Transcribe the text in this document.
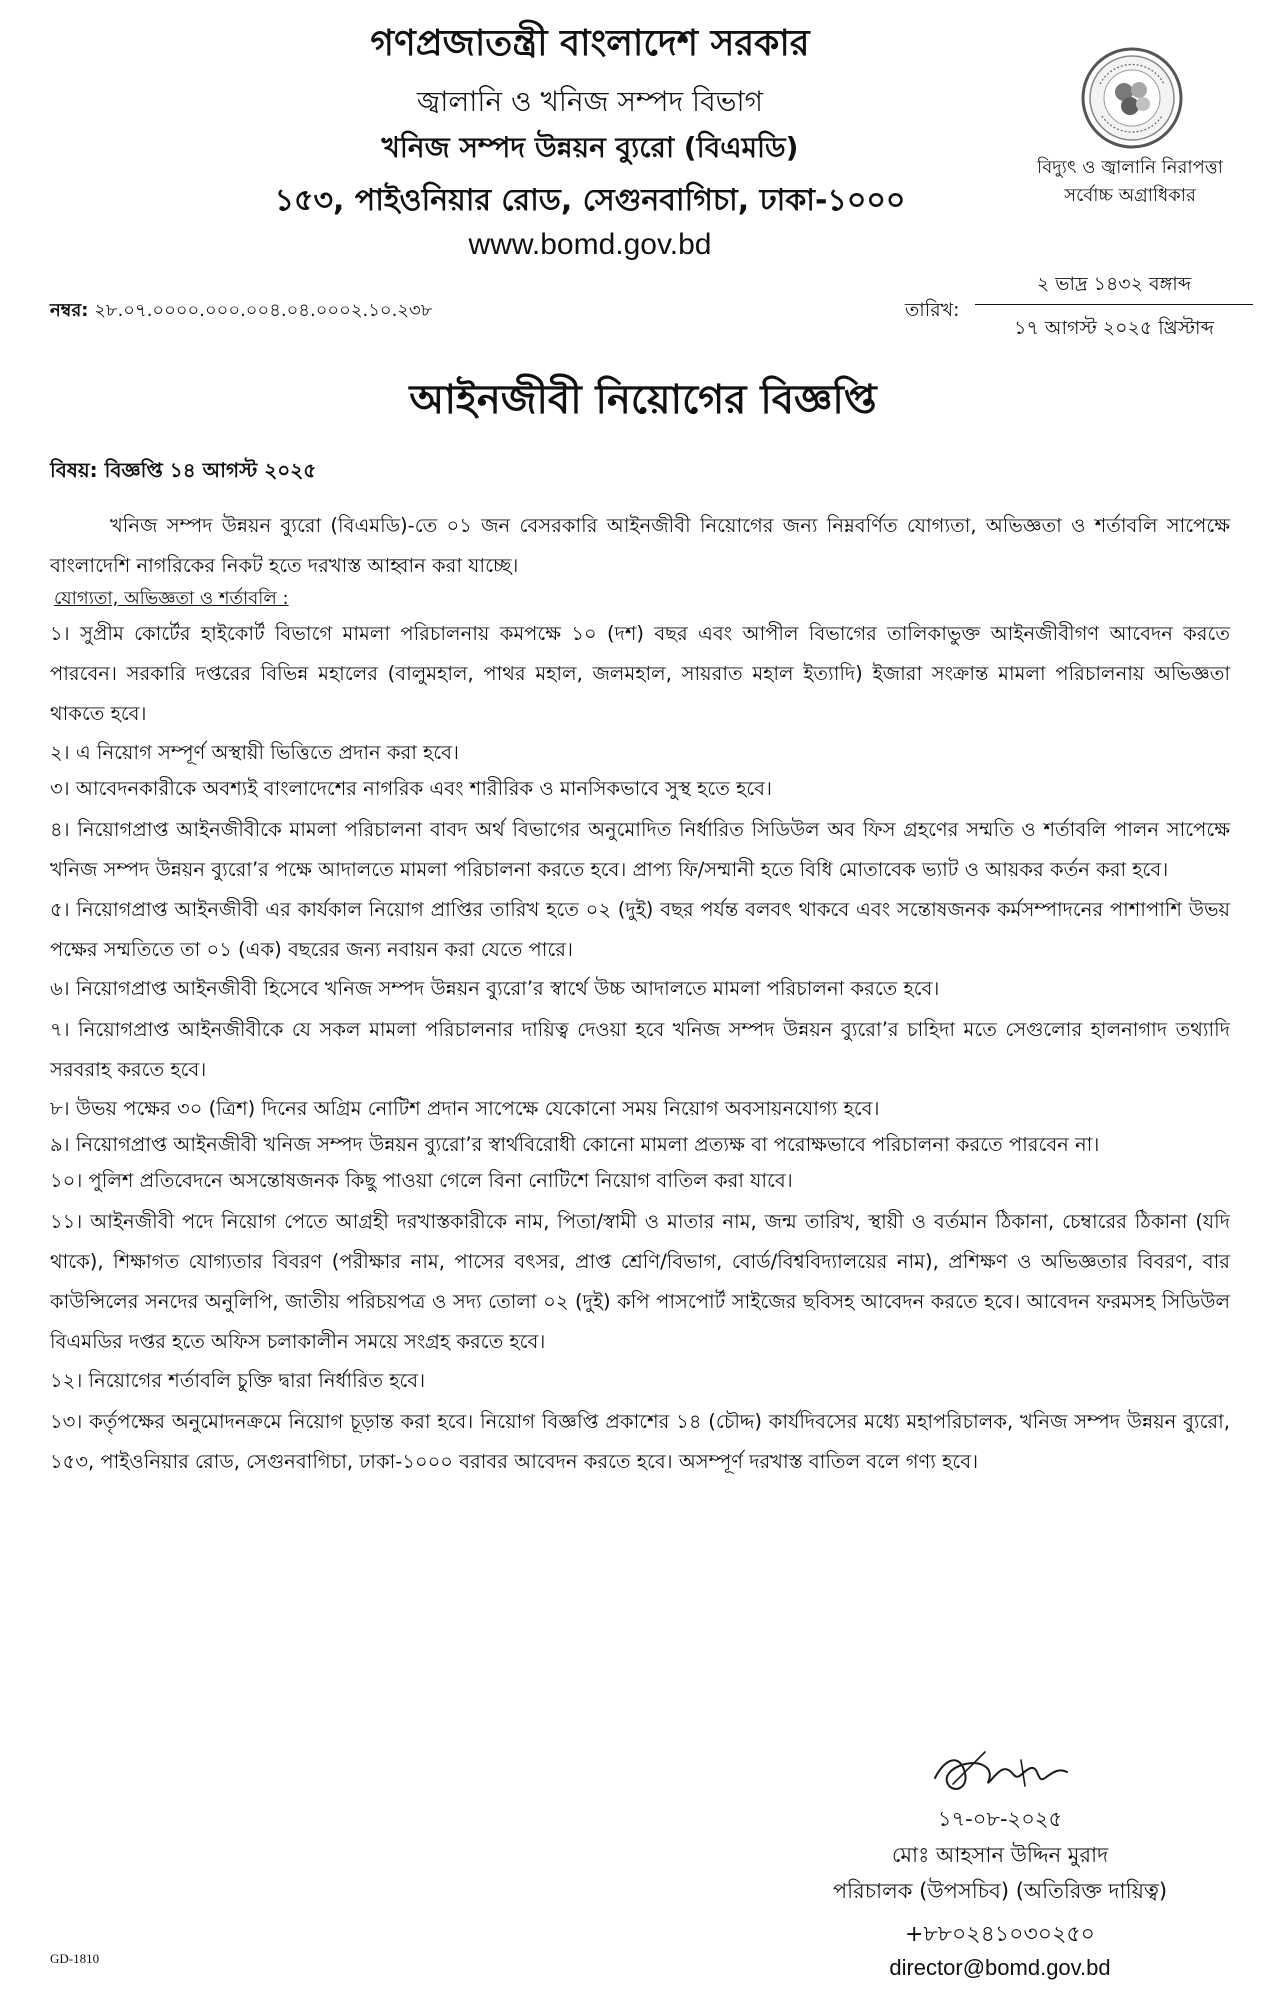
গণপ্রজাতন্ত্রী বাংলাদেশ সরকার
জ্বালানি ও খনিজ সম্পদ বিভাগ
খনিজ সম্পদ উন্নয়ন ব্যুরো (বিএমডি)
১৫৩, পাইওনিয়ার রোড, সেগুনবাগিচা, ঢাকা-১০০০
www.bomd.gov.bd
বিদ্যুৎ ও জ্বালানি নিরাপত্তা
সর্বোচ্চ অগ্রাধিকার
নম্বর: ২৮.০৭.০০০০.০০০.০০৪.০৪.০০০২.১০.২৩৮	তারিখ:
২ ভাদ্র ১৪৩২ বঙ্গাব্দ
১৭ আগস্ট ২০২৫ খ্রিস্টাব্দ
আইনজীবী নিয়োগের বিজ্ঞপ্তি
বিষয়: বিজ্ঞপ্তি ১৪ আগস্ট ২০২৫

খনিজ সম্পদ উন্নয়ন ব্যুরো (বিএমডি)-তে ০১ জন বেসরকারি আইনজীবী নিয়োগের জন্য নিম্নবর্ণিত যোগ্যতা, অভিজ্ঞতা ও শর্তাবলি সাপেক্ষে বাংলাদেশি নাগরিকের নিকট হতে দরখাস্ত আহ্বান করা যাচ্ছে।

যোগ্যতা, অভিজ্ঞতা ও শর্তাবলি :

১। সুপ্রীম কোর্টের হাইকোর্ট বিভাগে মামলা পরিচালনায় কমপক্ষে ১০ (দশ) বছর এবং আপীল বিভাগের তালিকাভুক্ত আইনজীবীগণ আবেদন করতে পারবেন। সরকারি দপ্তরের বিভিন্ন মহালের (বালুমহাল, পাথর মহাল, জলমহাল, সায়রাত মহাল ইত্যাদি) ইজারা সংক্রান্ত মামলা পরিচালনায় অভিজ্ঞতা থাকতে হবে।

২। এ নিয়োগ সম্পূর্ণ অস্থায়ী ভিত্তিতে প্রদান করা হবে।

৩। আবেদনকারীকে অবশ্যই বাংলাদেশের নাগরিক এবং শারীরিক ও মানসিকভাবে সুস্থ হতে হবে।

৪। নিয়োগপ্রাপ্ত আইনজীবীকে মামলা পরিচালনা বাবদ অর্থ বিভাগের অনুমোদিত নির্ধারিত সিডিউল অব ফিস গ্রহণের সম্মতি ও শর্তাবলি পালন সাপেক্ষে খনিজ সম্পদ উন্নয়ন ব্যুরো’র পক্ষে আদালতে মামলা পরিচালনা করতে হবে। প্রাপ্য ফি/সম্মানী হতে বিধি মোতাবেক ভ্যাট ও আয়কর কর্তন করা হবে।

৫। নিয়োগপ্রাপ্ত আইনজীবী এর কার্যকাল নিয়োগ প্রাপ্তির তারিখ হতে ০২ (দুই) বছর পর্যন্ত বলবৎ থাকবে এবং সন্তোষজনক কর্মসম্পাদনের পাশাপাশি উভয় পক্ষের সম্মতিতে তা ০১ (এক) বছরের জন্য নবায়ন করা যেতে পারে।

৬। নিয়োগপ্রাপ্ত আইনজীবী হিসেবে খনিজ সম্পদ উন্নয়ন ব্যুরো’র স্বার্থে উচ্চ আদালতে মামলা পরিচালনা করতে হবে।

৭। নিয়োগপ্রাপ্ত আইনজীবীকে যে সকল মামলা পরিচালনার দায়িত্ব দেওয়া হবে খনিজ সম্পদ উন্নয়ন ব্যুরো’র চাহিদা মতে সেগুলোর হালনাগাদ তথ্যাদি সরবরাহ করতে হবে।

৮। উভয় পক্ষের ৩০ (ত্রিশ) দিনের অগ্রিম নোটিশ প্রদান সাপেক্ষে যেকোনো সময় নিয়োগ অবসায়নযোগ্য হবে।

৯। নিয়োগপ্রাপ্ত আইনজীবী খনিজ সম্পদ উন্নয়ন ব্যুরো’র স্বার্থবিরোধী কোনো মামলা প্রত্যক্ষ বা পরোক্ষভাবে পরিচালনা করতে পারবেন না।

১০। পুলিশ প্রতিবেদনে অসন্তোষজনক কিছু পাওয়া গেলে বিনা নোটিশে নিয়োগ বাতিল করা যাবে।

১১। আইনজীবী পদে নিয়োগ পেতে আগ্রহী দরখাস্তকারীকে নাম, পিতা/স্বামী ও মাতার নাম, জন্ম তারিখ, স্থায়ী ও বর্তমান ঠিকানা, চেম্বারের ঠিকানা (যদি থাকে), শিক্ষাগত যোগ্যতার বিবরণ (পরীক্ষার নাম, পাসের বৎসর, প্রাপ্ত শ্রেণি/বিভাগ, বোর্ড/বিশ্ববিদ্যালয়ের নাম), প্রশিক্ষণ ও অভিজ্ঞতার বিবরণ, বার কাউন্সিলের সনদের অনুলিপি, জাতীয় পরিচয়পত্র ও সদ্য তোলা ০২ (দুই) কপি পাসপোর্ট সাইজের ছবিসহ আবেদন করতে হবে। আবেদন ফরমসহ সিডিউল বিএমডির দপ্তর হতে অফিস চলাকালীন সময়ে সংগ্রহ করতে হবে।

১২। নিয়োগের শর্তাবলি চুক্তি দ্বারা নির্ধারিত হবে।

১৩। কর্তৃপক্ষের অনুমোদনক্রমে নিয়োগ চূড়ান্ত করা হবে। নিয়োগ বিজ্ঞপ্তি প্রকাশের ১৪ (চৌদ্দ) কার্যদিবসের মধ্যে মহাপরিচালক, খনিজ সম্পদ উন্নয়ন ব্যুরো, ১৫৩, পাইওনিয়ার রোড, সেগুনবাগিচা, ঢাকা-১০০০ বরাবর আবেদন করতে হবে। অসম্পূর্ণ দরখাস্ত বাতিল বলে গণ্য হবে।

১৭-০৮-২০২৫
মোঃ আহসান উদ্দিন মুরাদ
পরিচালক (উপসচিব) (অতিরিক্ত দায়িত্ব)
+৮৮০২৪১০৩০২৫০
director@bomd.gov.bd
GD-1810
